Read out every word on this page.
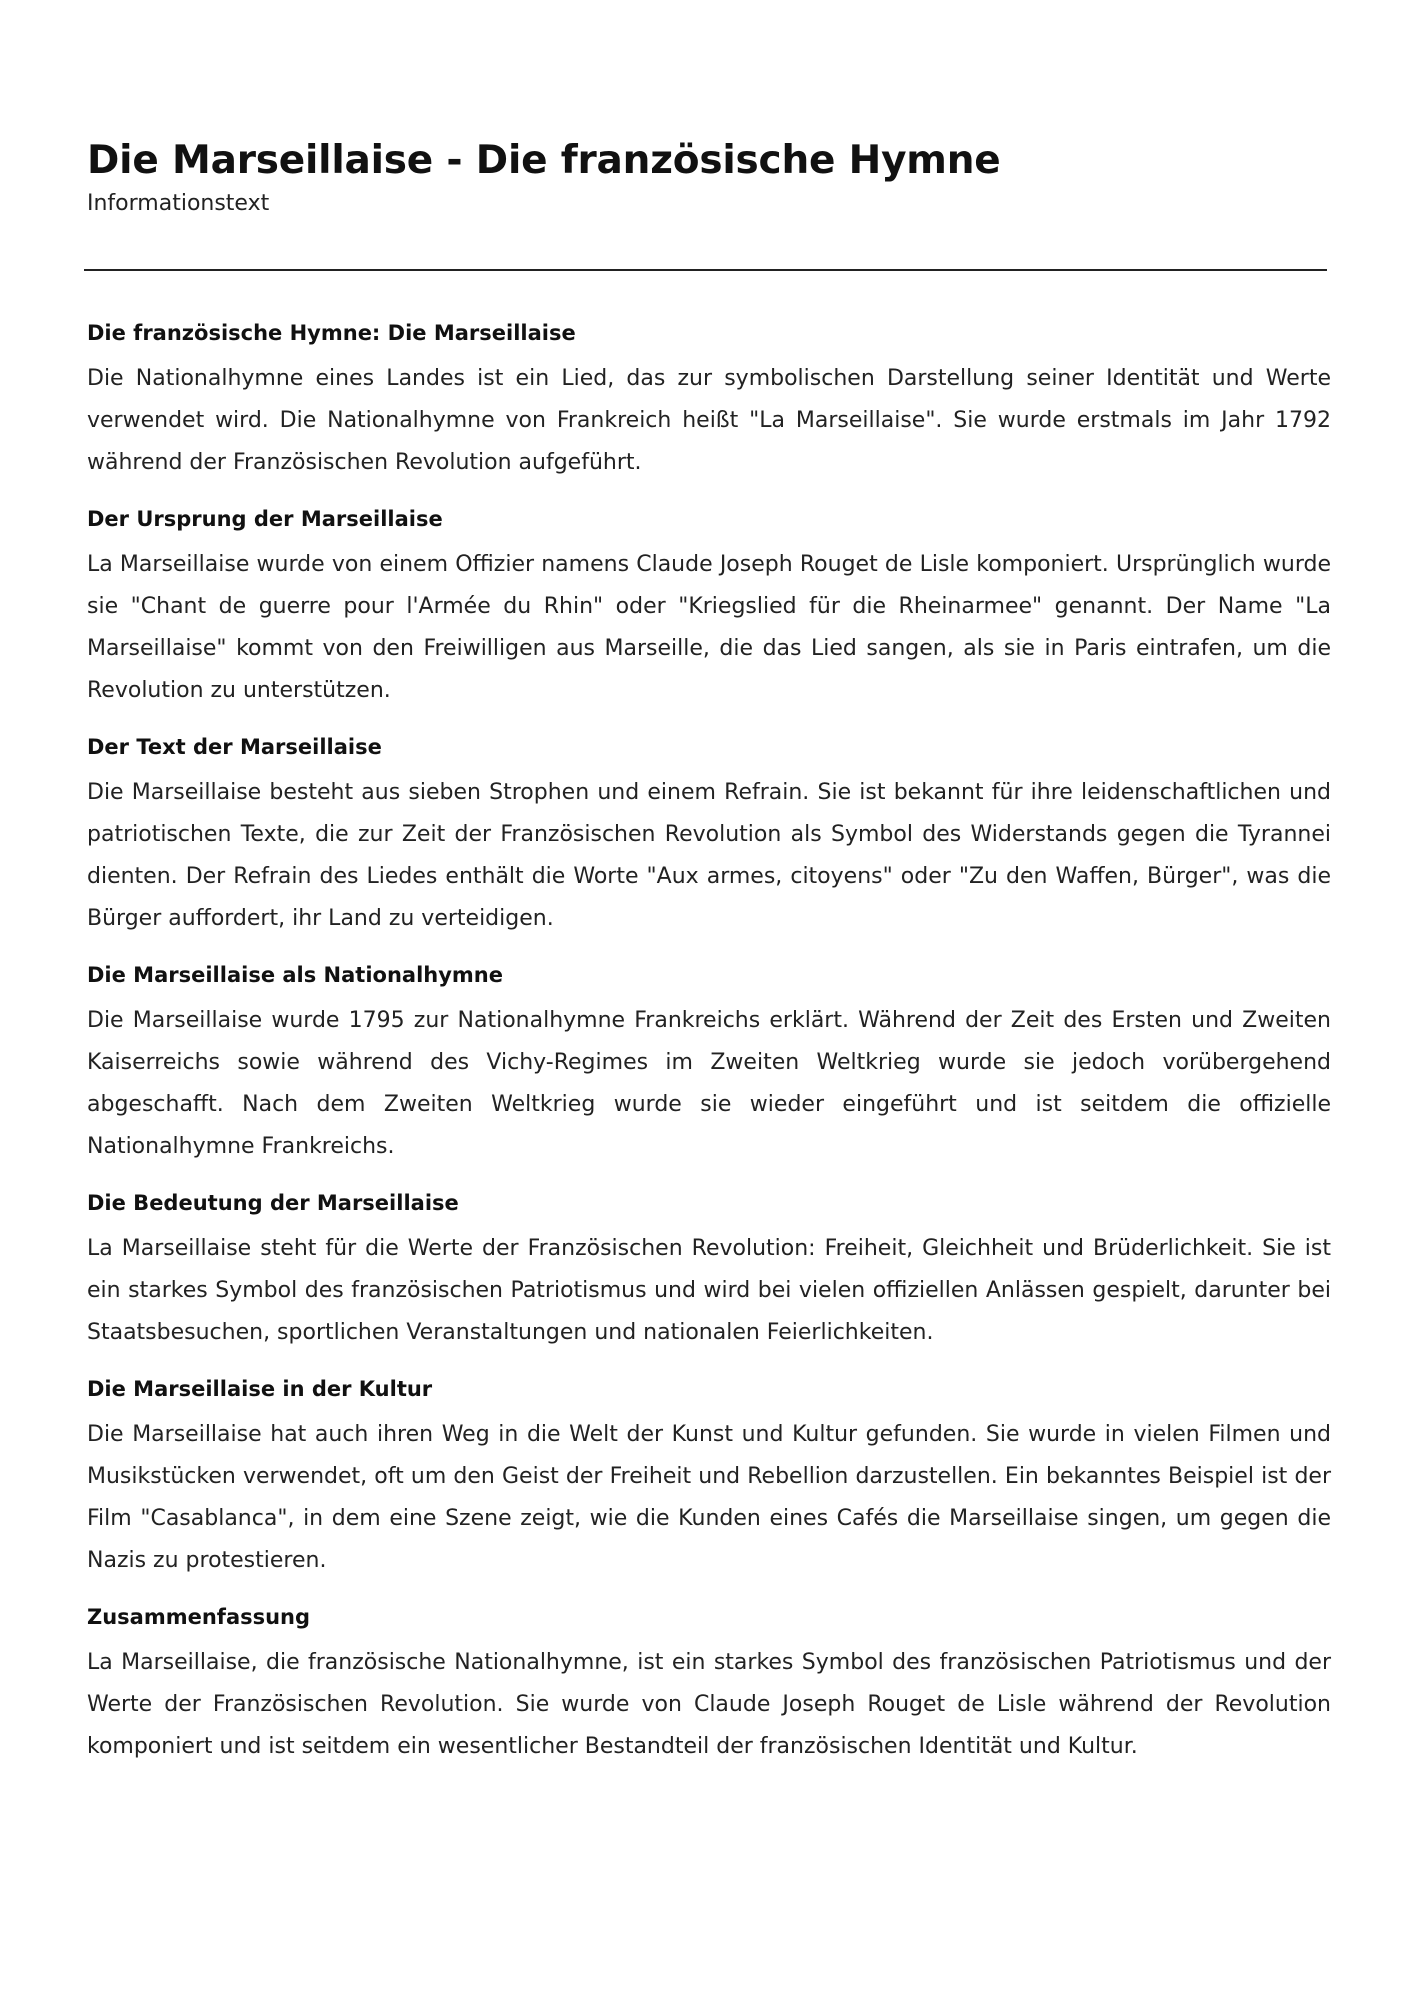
Die Marseillaise - Die französische Hymne
Informationstext
Die französische Hymne: Die Marseillaise

Die Nationalhymne eines Landes ist ein Lied, das zur symbolischen Darstellung seiner Identität und Werte verwendet wird. Die Nationalhymne von Frankreich heißt "La Marseillaise". Sie wurde erstmals im Jahr 1792 während der Französischen Revolution aufgeführt.

Der Ursprung der Marseillaise

La Marseillaise wurde von einem Offizier namens Claude Joseph Rouget de Lisle komponiert. Ursprünglich wurde sie "Chant de guerre pour l'Armée du Rhin" oder "Kriegslied für die Rheinarmee" genannt. Der Name "La Marseillaise" kommt von den Freiwilligen aus Marseille, die das Lied sangen, als sie in Paris eintrafen, um die Revolution zu unterstützen.

Der Text der Marseillaise

Die Marseillaise besteht aus sieben Strophen und einem Refrain. Sie ist bekannt für ihre leidenschaftlichen und patriotischen Texte, die zur Zeit der Französischen Revolution als Symbol des Widerstands gegen die Tyrannei dienten. Der Refrain des Liedes enthält die Worte "Aux armes, citoyens" oder "Zu den Waffen, Bürger", was die Bürger auffordert, ihr Land zu verteidigen.

Die Marseillaise als Nationalhymne

Die Marseillaise wurde 1795 zur Nationalhymne Frankreichs erklärt. Während der Zeit des Ersten und Zweiten Kaiserreichs sowie während des Vichy-Regimes im Zweiten Weltkrieg wurde sie jedoch vorübergehend abgeschafft. Nach dem Zweiten Weltkrieg wurde sie wieder eingeführt und ist seitdem die offizielle Nationalhymne Frankreichs.

Die Bedeutung der Marseillaise

La Marseillaise steht für die Werte der Französischen Revolution: Freiheit, Gleichheit und Brüderlichkeit. Sie ist ein starkes Symbol des französischen Patriotismus und wird bei vielen offiziellen Anlässen gespielt, darunter bei Staatsbesuchen, sportlichen Veranstaltungen und nationalen Feierlichkeiten.

Die Marseillaise in der Kultur

Die Marseillaise hat auch ihren Weg in die Welt der Kunst und Kultur gefunden. Sie wurde in vielen Filmen und Musikstücken verwendet, oft um den Geist der Freiheit und Rebellion darzustellen. Ein bekanntes Beispiel ist der Film "Casablanca", in dem eine Szene zeigt, wie die Kunden eines Cafés die Marseillaise singen, um gegen die Nazis zu protestieren.

Zusammenfassung

La Marseillaise, die französische Nationalhymne, ist ein starkes Symbol des französischen Patriotismus und der Werte der Französischen Revolution. Sie wurde von Claude Joseph Rouget de Lisle während der Revolution komponiert und ist seitdem ein wesentlicher Bestandteil der französischen Identität und Kultur.
